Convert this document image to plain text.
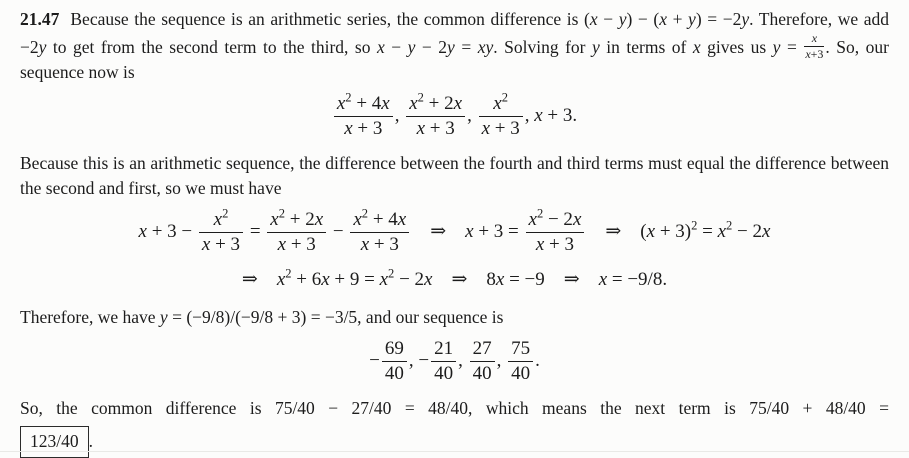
21.47 Because the sequence is an arithmetic series, the common difference is (x − y) − (x + y) = −2y. Therefore, we add −2y to get from the second term to the third, so x − y − 2y = xy. Solving for y in terms of x gives us $y = \frac{x}{x+3}$ . So, our sequence now is

$\frac{x^2 + 4x}{x + 3}$ , $\frac{x^2 + 2x}{x + 3}$ , $\frac{x^2}{x + 3}$ , x + 3.

Because this is an arithmetic sequence, the difference between the fourth and third terms must equal the difference between the second and first, so we must have

$x + 3 - \frac{x^2}{x + 3} = \frac{x^2 + 2x}{x + 3} - \frac{x^2 + 4x}{x + 3}$  ⇒ $x + 3 = \frac{x^2 - 2x}{x + 3}$  ⇒ $(x + 3)^2 = x^2 - 2x$
⇒ $x^2 + 6x + 9 = x^2 - 2x$ ⇒ 8x = −9 ⇒ x = −9/8.

Therefore, we have y = (−9/8)/(−9/8 + 3) = −3/5, and our sequence is

− $\frac{69}{40}$ , − $\frac{21}{40}$ , $\frac{27}{40}$ , $\frac{75}{40}$ .

So, the common difference is 75/40 − 27/40 = 48/40, which means the next term is 75/40 + 48/40 =

123/40 .
